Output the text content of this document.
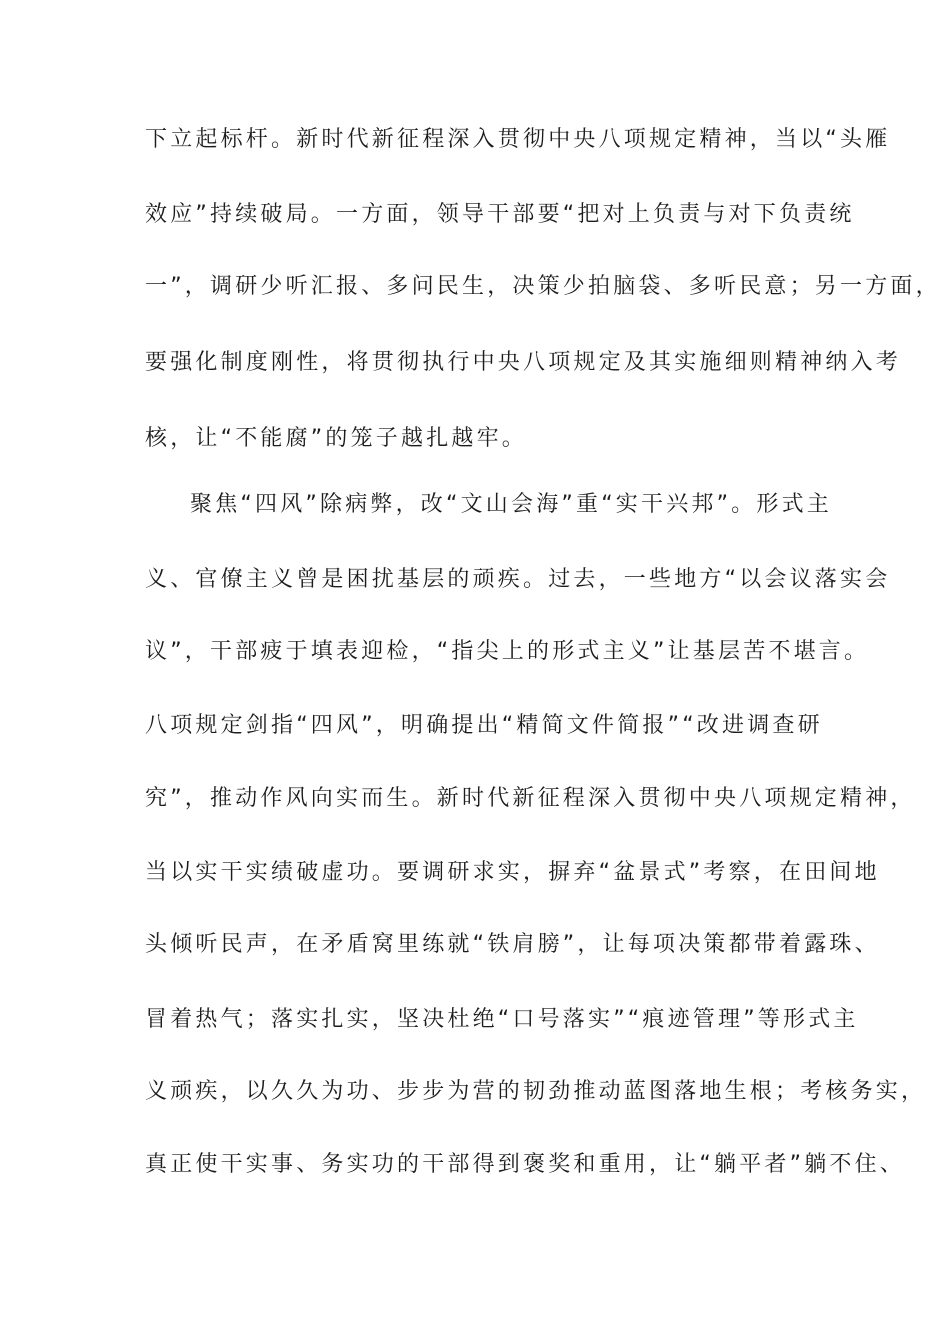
下立起标杆。新时代新征程深入贯彻中央八项规定精神，当以“头雁
效应”持续破局。一方面，领导干部要“把对上负责与对下负责统
一”，调研少听汇报、多问民生，决策少拍脑袋、多听民意；另一方面，
要强化制度刚性，将贯彻执行中央八项规定及其实施细则精神纳入考
核，让“不能腐”的笼子越扎越牢。
聚焦“四风”除病弊，改“文山会海”重“实干兴邦”。形式主
义、官僚主义曾是困扰基层的顽疾。过去，一些地方“以会议落实会
议”，干部疲于填表迎检，“指尖上的形式主义”让基层苦不堪言。
八项规定剑指“四风”，明确提出“精简文件简报”“改进调查研
究”，推动作风向实而生。新时代新征程深入贯彻中央八项规定精神，
当以实干实绩破虚功。要调研求实，摒弃“盆景式”考察，在田间地
头倾听民声，在矛盾窝里练就“铁肩膀”，让每项决策都带着露珠、
冒着热气；落实扎实，坚决杜绝“口号落实”“痕迹管理”等形式主
义顽疾，以久久为功、步步为营的韧劲推动蓝图落地生根；考核务实，
真正使干实事、务实功的干部得到褒奖和重用，让“躺平者”躺不住、
